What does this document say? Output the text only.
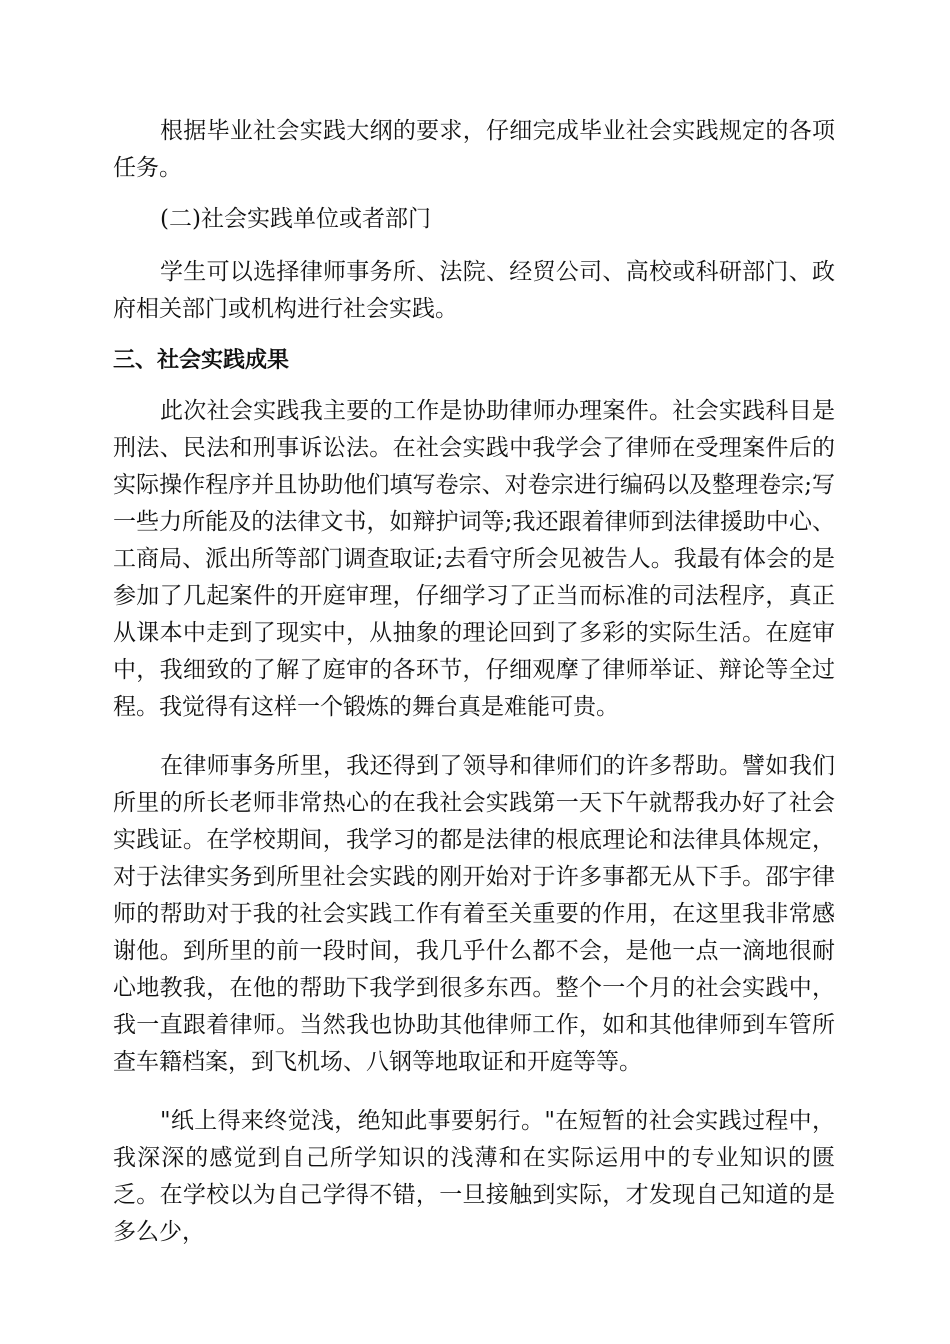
根据毕业社会实践大纲的要求，仔细完成毕业社会实践规定的各项任务。

(二)社会实践单位或者部门

学生可以选择律师事务所、法院、经贸公司、高校或科研部门、政府相关部门或机构进行社会实践。

三、社会实践成果

此次社会实践我主要的工作是协助律师办理案件。社会实践科目是刑法、民法和刑事诉讼法。在社会实践中我学会了律师在受理案件后的实际操作程序并且协助他们填写卷宗、对卷宗进行编码以及整理卷宗;写一些力所能及的法律文书，如辩护词等;我还跟着律师到法律援助中心、工商局、派出所等部门调查取证;去看守所会见被告人。我最有体会的是参加了几起案件的开庭审理，仔细学习了正当而标准的司法程序，真正从课本中走到了现实中，从抽象的理论回到了多彩的实际生活。在庭审中，我细致的了解了庭审的各环节，仔细观摩了律师举证、辩论等全过程。我觉得有这样一个锻炼的舞台真是难能可贵。

在律师事务所里，我还得到了领导和律师们的许多帮助。譬如我们所里的所长老师非常热心的在我社会实践第一天下午就帮我办好了社会实践证。在学校期间，我学习的都是法律的根底理论和法律具体规定，对于法律实务到所里社会实践的刚开始对于许多事都无从下手。邵宇律师的帮助对于我的社会实践工作有着至关重要的作用，在这里我非常感谢他。到所里的前一段时间，我几乎什么都不会，是他一点一滴地很耐心地教我，在他的帮助下我学到很多东西。整个一个月的社会实践中，我一直跟着律师。当然我也协助其他律师工作，如和其他律师到车管所查车籍档案，到飞机场、八钢等地取证和开庭等等。

"纸上得来终觉浅，绝知此事要躬行。"在短暂的社会实践过程中，我深深的感觉到自己所学知识的浅薄和在实际运用中的专业知识的匮乏。在学校以为自己学得不错，一旦接触到实际，才发现自己知道的是多么少，
